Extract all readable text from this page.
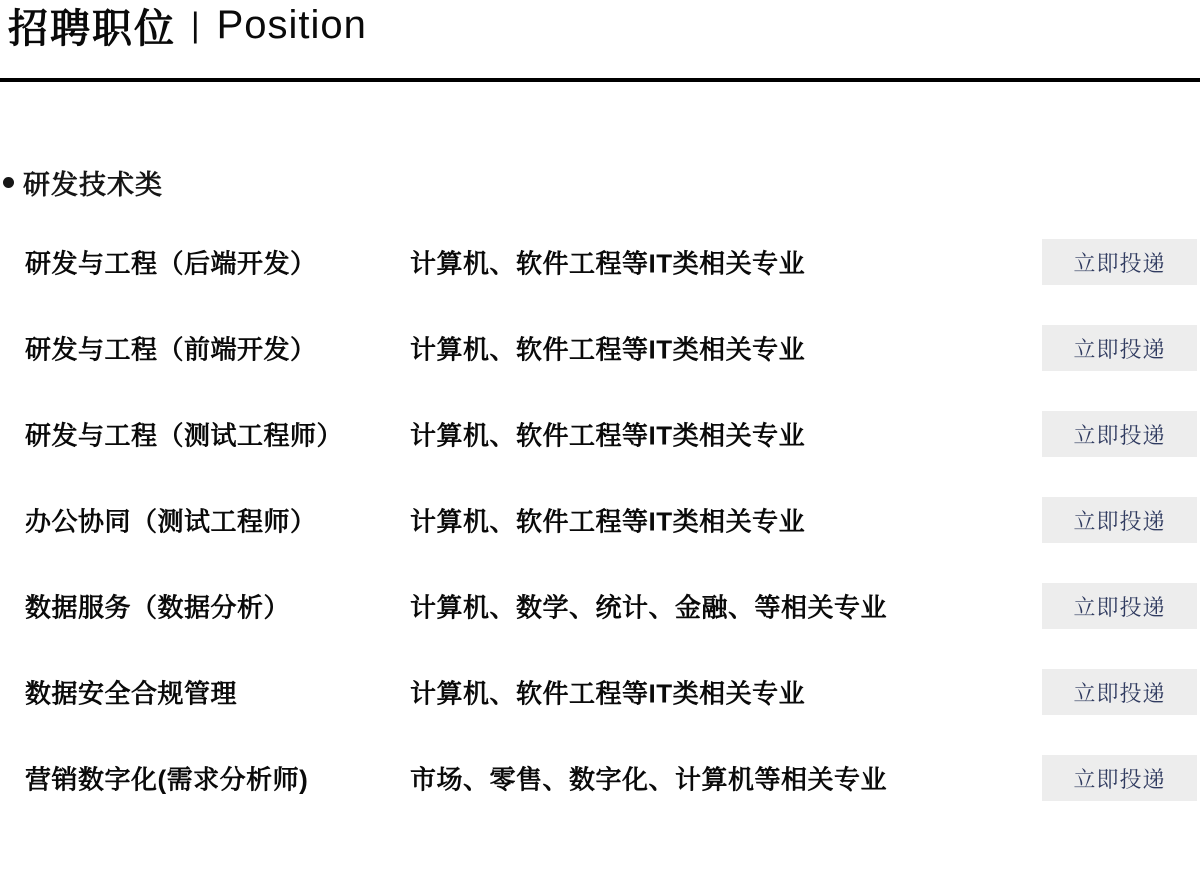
招聘职位 | Position
研发技术类
研发与工程（后端开发）	计算机、软件工程等IT类相关专业	立即投递
研发与工程（前端开发）	计算机、软件工程等IT类相关专业	立即投递
研发与工程（测试工程师）	计算机、软件工程等IT类相关专业	立即投递
办公协同（测试工程师）	计算机、软件工程等IT类相关专业	立即投递
数据服务（数据分析）	计算机、数学、统计、金融、等相关专业	立即投递
数据安全合规管理	计算机、软件工程等IT类相关专业	立即投递
营销数字化(需求分析师)	市场、零售、数字化、计算机等相关专业	立即投递
